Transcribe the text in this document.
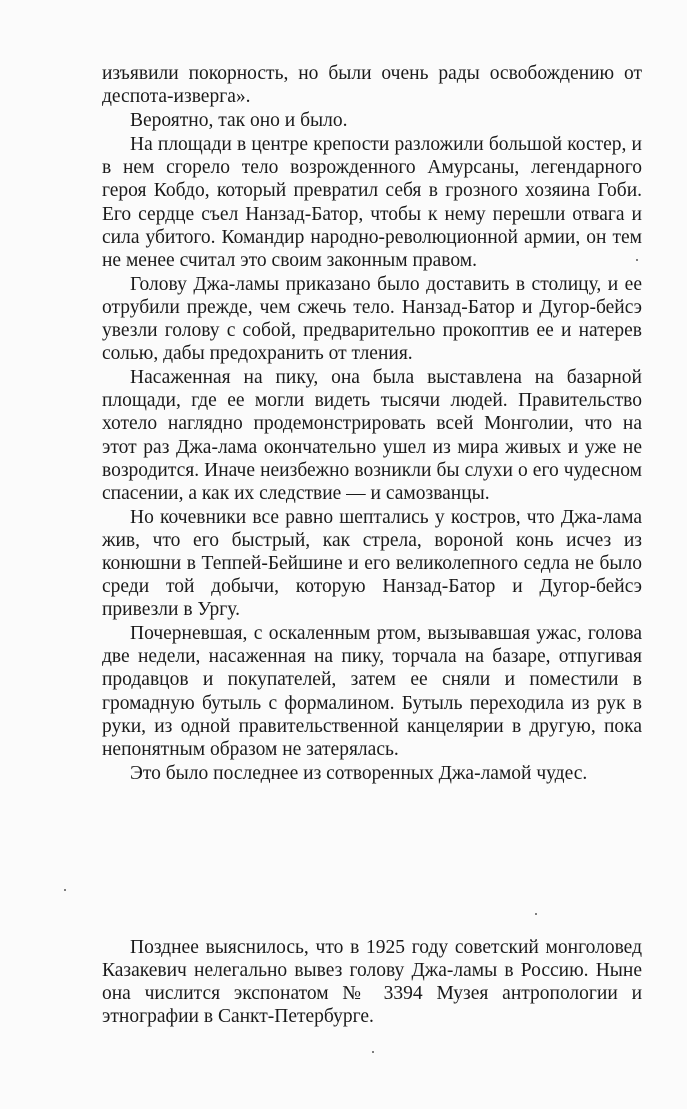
изъявили покорность, но были очень рады освобождению от деспота-изверга».

Вероятно, так оно и было.

На площади в центре крепости разложили большой костер, и в нем сгорело тело возрожденного Амурсаны, легендарного героя Кобдо, который превратил себя в грозного хозяина Гоби. Его сердце съел Нанзад-Батор, чтобы к нему перешли отвага и сила убитого. Командир народно-революционной армии, он тем не менее считал это своим законным правом.

Голову Джа-ламы приказано было доставить в столицу, и ее отрубили прежде, чем сжечь тело. Нанзад-Батор и Дугор-бейсэ увезли голову с собой, предварительно прокоптив ее и натерев солью, дабы предохранить от тления.

Насаженная на пику, она была выставлена на базарной площади, где ее могли видеть тысячи людей. Правительство хотело наглядно продемонстрировать всей Монголии, что на этот раз Джа-лама окончательно ушел из мира живых и уже не возродится. Иначе неизбежно возникли бы слухи о его чудесном спасении, а как их следствие — и самозванцы.

Но кочевники все равно шептались у костров, что Джа-лама жив, что его быстрый, как стрела, вороной конь исчез из конюшни в Теппей-Бейшине и его великолепного седла не было среди той добычи, которую Нанзад-Батор и Дугор-бейсэ привезли в Ургу.

Почерневшая, с оскаленным ртом, вызывавшая ужас, голова две недели, насаженная на пику, торчала на базаре, отпугивая продавцов и покупателей, затем ее сняли и поместили в громадную бутыль с формалином. Бутыль переходила из рук в руки, из одной правительственной канцелярии в другую, пока непонятным образом не затерялась.

Это было последнее из сотворенных Джа-ламой чудес.

Позднее выяснилось, что в 1925 году советский монголовед Казакевич нелегально вывез голову Джа-ламы в Россию. Ныне она числится экспонатом № 3394 Музея антропологии и этнографии в Санкт-Петербурге.
